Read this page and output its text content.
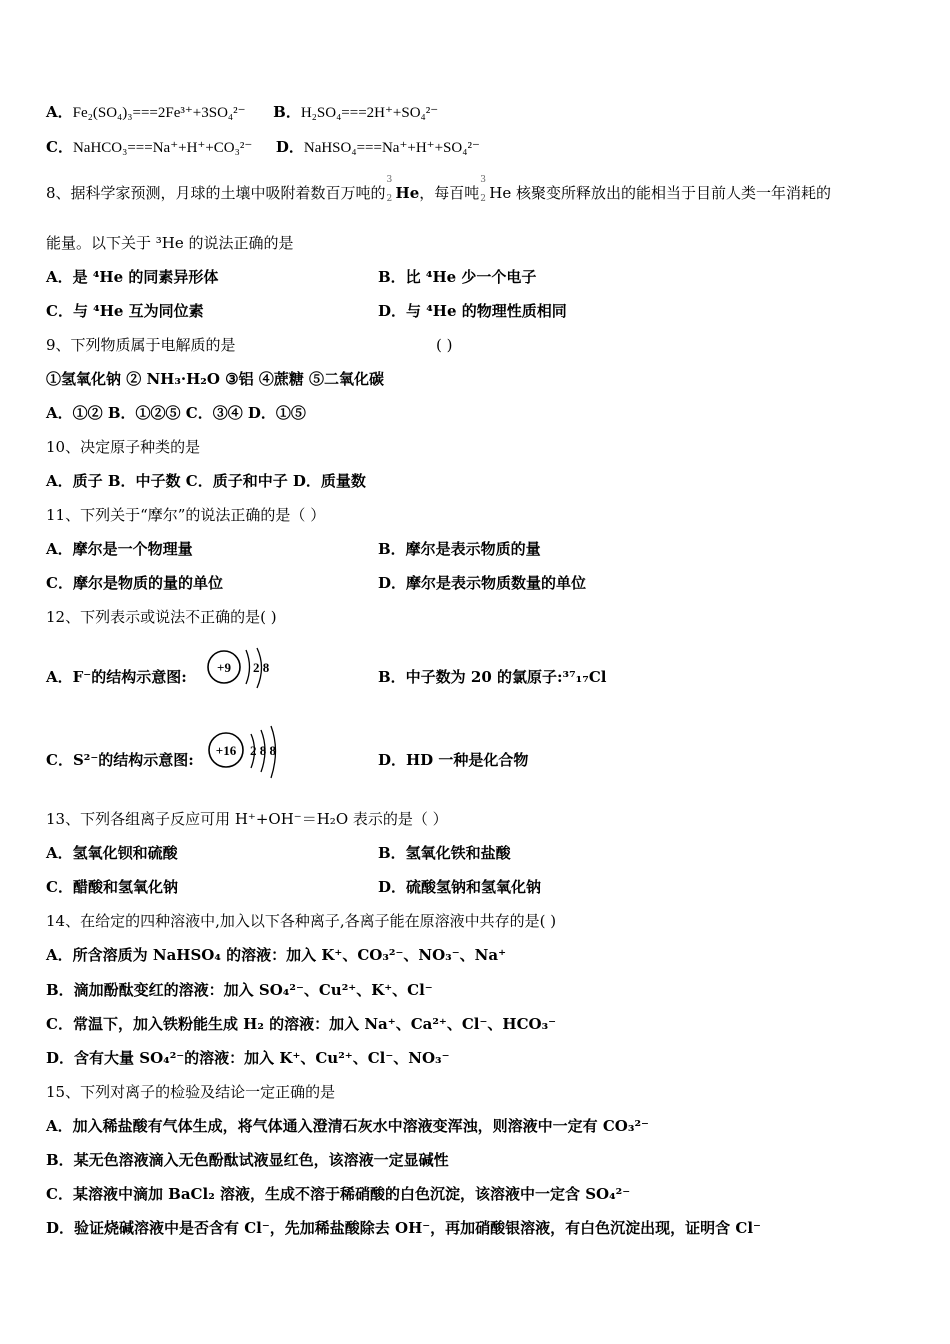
A．Fe₂(SO₄)₃===2Fe³⁺+3SO₄²⁻ B．H₂SO₄===2H⁺+SO₄²⁻
C．NaHCO₃===Na⁺+H⁺+CO₃²⁻ D．NaHSO₄===Na⁺+H⁺+SO₄²⁻
8、据科学家预测，月球的土壤中吸附着数百万吨的
3
2 He，每百吨
3
2 He 核聚变所释放出的能相当于目前人类一年消耗的
能量。以下关于 ³He 的说法正确的是
A．是 ⁴He 的同素异形体	B．比 ⁴He 少一个电子
C．与 ⁴He 互为同位素	D．与 ⁴He 的物理性质相同
9、下列物质属于电解质的是	( )
①氢氧化钠 ② NH₃·H₂O ③铝 ④蔗糖 ⑤二氧化碳
A．①② B．①②⑤ C．③④ D．①⑤
10、决定原子种类的是
A．质子 B．中子数 C．质子和中子 D．质量数
11、下列关于“摩尔”的说法正确的是（ ）
A．摩尔是一个物理量	B．摩尔是表示物质的量
C．摩尔是物质的量的单位	D．摩尔是表示物质数量的单位
12、下列表示或说法不正确的是( )
A．F⁻的结构示意图:
+9 2 8
B．中子数为 20 的氯原子:³⁷₁₇Cl
C．S²⁻的结构示意图:
+16 2 8 8
D．HD 一种是化合物
13、下列各组离子反应可用 H⁺+OH⁻＝H₂O 表示的是（ ）
A．氢氧化钡和硫酸	B．氢氧化铁和盐酸
C．醋酸和氢氧化钠	D．硫酸氢钠和氢氧化钠
14、在给定的四种溶液中,加入以下各种离子,各离子能在原溶液中共存的是( )
A．所含溶质为 NaHSO₄ 的溶液：加入 K⁺、CO₃²⁻、NO₃⁻、Na⁺
B．滴加酚酞变红的溶液：加入 SO₄²⁻、Cu²⁺、K⁺、Cl⁻
C．常温下，加入铁粉能生成 H₂ 的溶液：加入 Na⁺、Ca²⁺、Cl⁻、HCO₃⁻
D．含有大量 SO₄²⁻的溶液：加入 K⁺、Cu²⁺、Cl⁻、NO₃⁻
15、下列对离子的检验及结论一定正确的是
A．加入稀盐酸有气体生成，将气体通入澄清石灰水中溶液变浑浊，则溶液中一定有 CO₃²⁻
B．某无色溶液滴入无色酚酞试液显红色，该溶液一定显碱性
C．某溶液中滴加 BaCl₂ 溶液，生成不溶于稀硝酸的白色沉淀，该溶液中一定含 SO₄²⁻
D．验证烧碱溶液中是否含有 Cl⁻，先加稀盐酸除去 OH⁻，再加硝酸银溶液，有白色沉淀出现，证明含 Cl⁻
